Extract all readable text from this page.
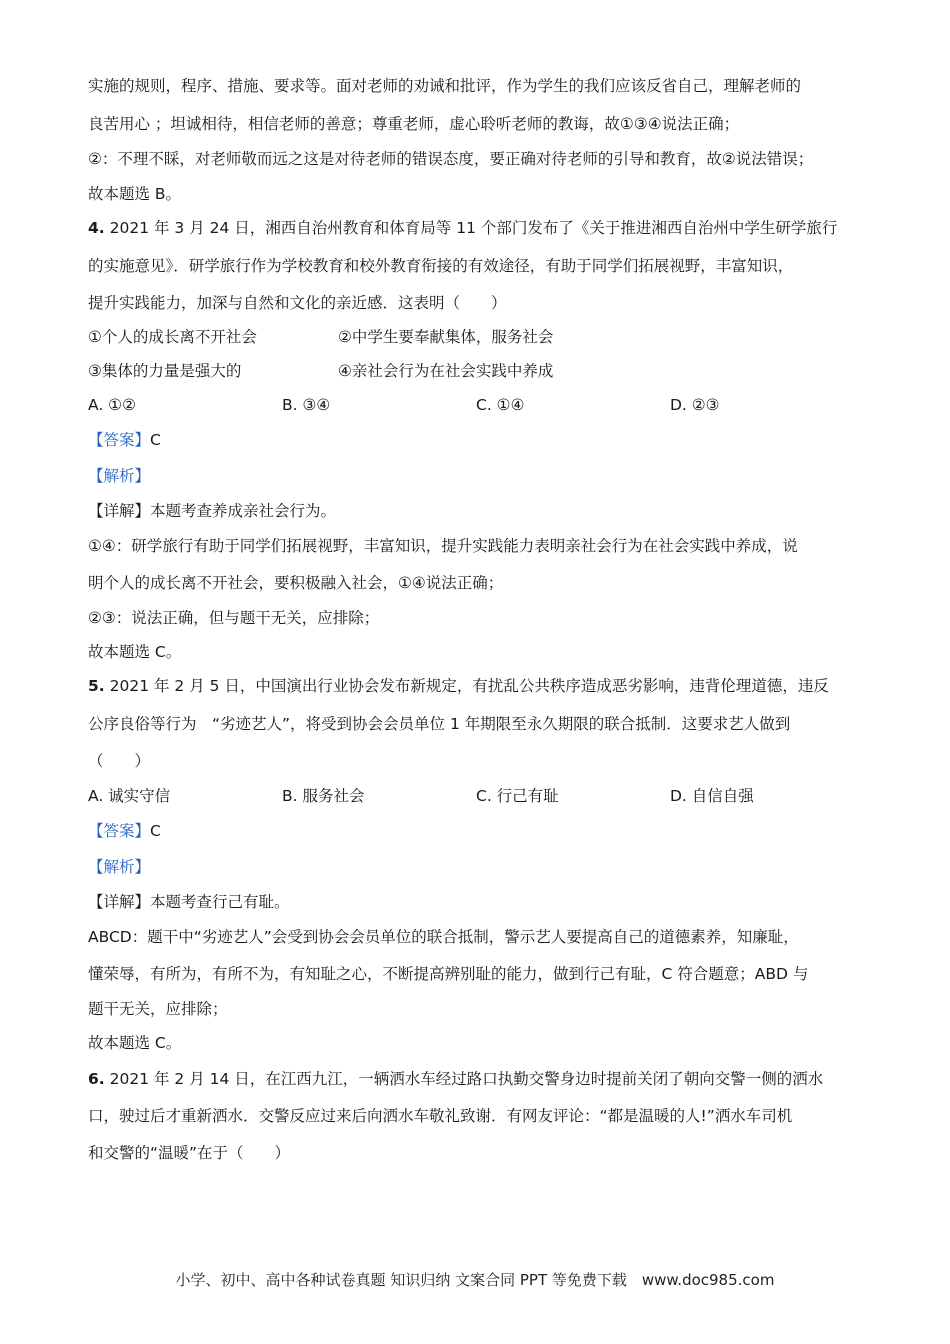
实施的规则，程序、措施、要求等。面对老师的劝诫和批评，作为学生的我们应该反省自己，理解老师的
良苦用心 ；坦诚相待，相信老师的善意；尊重老师，虚心聆听老师的教诲，故①③④说法正确；
②：不理不睬，对老师敬而远之这是对待老师的错误态度，要正确对待老师的引导和教育，故②说法错误；
故本题选 B。
4. 2021 年 3 月 24 日，湘西自治州教育和体育局等 11 个部门发布了《关于推进湘西自治州中学生研学旅行
的实施意见》．研学旅行作为学校教育和校外教育衔接的有效途径，有助于同学们拓展视野，丰富知识，
提升实践能力，加深与自然和文化的亲近感．这表明（　　）
①个人的成长离不开社会	②中学生要奉献集体，服务社会
③集体的力量是强大的	④亲社会行为在社会实践中养成
A. ①②	B. ③④	C. ①④	D. ②③
【答案】C
【解析】
【详解】本题考查养成亲社会行为。
①④：研学旅行有助于同学们拓展视野，丰富知识，提升实践能力表明亲社会行为在社会实践中养成，说
明个人的成长离不开社会，要积极融入社会，①④说法正确；
②③：说法正确，但与题干无关，应排除；
故本题选 C。
5. 2021 年 2 月 5 日，中国演出行业协会发布新规定，有扰乱公共秩序造成恶劣影响，违背伦理道德，违反
公序良俗等行为　“劣迹艺人”，将受到协会会员单位 1 年期限至永久期限的联合抵制．这要求艺人做到
（　　）
A. 诚实守信	B. 服务社会	C. 行己有耻	D. 自信自强
【答案】C
【解析】
【详解】本题考查行己有耻。
ABCD：题干中“劣迹艺人”会受到协会会员单位的联合抵制，警示艺人要提高自己的道德素养，知廉耻，
懂荣辱，有所为，有所不为，有知耻之心，不断提高辨别耻的能力，做到行己有耻，C 符合题意；ABD 与
题干无关，应排除；
故本题选 C。
6. 2021 年 2 月 14 日，在江西九江，一辆洒水车经过路口执勤交警身边时提前关闭了朝向交警一侧的洒水
口，驶过后才重新洒水．交警反应过来后向洒水车敬礼致谢．有网友评论：“都是温暖的人!”洒水车司机
和交警的“温暖”在于（　　）
小学、初中、高中各种试卷真题 知识归纳 文案合同 PPT 等免费下载　www.doc985.com
